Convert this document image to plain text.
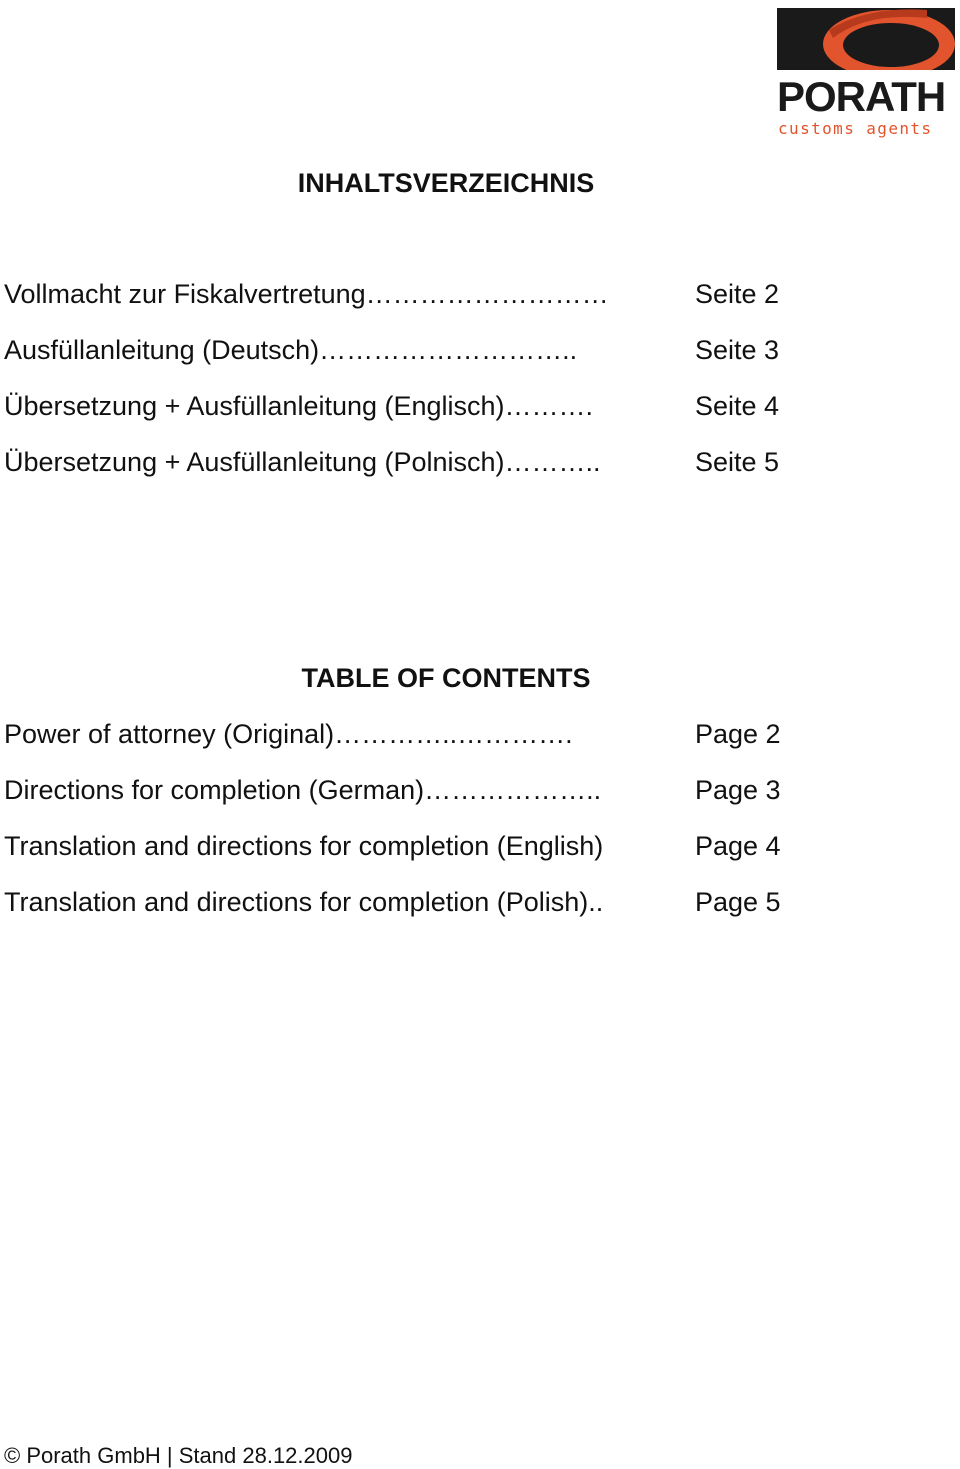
PORATH
customs agents
INHALTSVERZEICHNIS
Vollmacht zur Fiskalvertretung………………………	Seite 2
Ausfüllanleitung (Deutsch)………………………..	Seite 3
Übersetzung + Ausfüllanleitung (Englisch)……….	Seite 4
Übersetzung + Ausfüllanleitung (Polnisch)………..	Seite 5
TABLE OF CONTENTS
Power of attorney (Original)…………..………….	Page 2
Directions for completion (German)………………..	Page 3
Translation and directions for completion (English)	Page 4
Translation and directions for completion (Polish)..	Page 5
© Porath GmbH | Stand 28.12.2009
